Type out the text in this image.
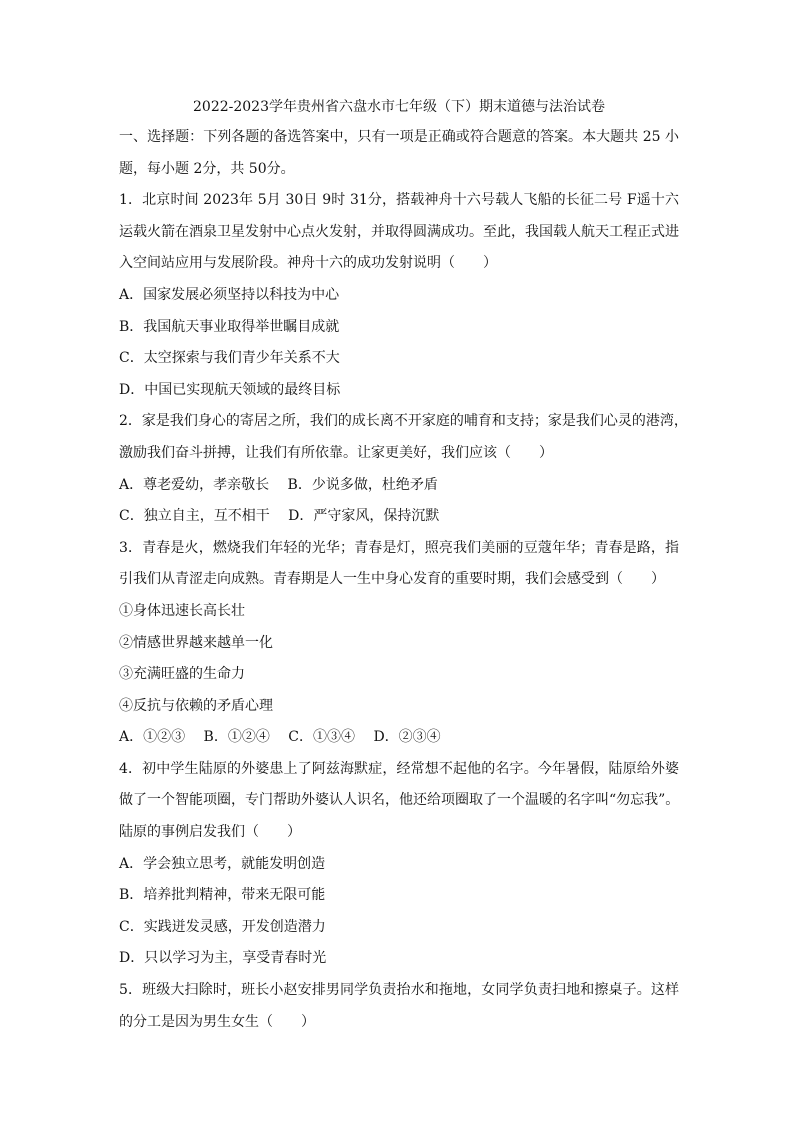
2022-2023学年贵州省六盘水市七年级（下）期末道德与法治试卷
一、选择题：下列各题的备选答案中，只有一项是正确或符合题意的答案。本大题共 25 小
题，每小题 2分，共 50分。
1．北京时间 2023年 5月 30日 9时 31分，搭载神舟十六号载人飞船的长征二号 F遥十六
运载火箭在酒泉卫星发射中心点火发射，并取得圆满成功。至此，我国载人航天工程正式进
入空间站应用与发展阶段。神舟十六的成功发射说明（　　）
A．国家发展必须坚持以科技为中心
B．我国航天事业取得举世瞩目成就
C．太空探索与我们青少年关系不大
D．中国已实现航天领域的最终目标
2．家是我们身心的寄居之所，我们的成长离不开家庭的哺育和支持；家是我们心灵的港湾，
激励我们奋斗拼搏，让我们有所依靠。让家更美好，我们应该（　　）
A．尊老爱幼，孝亲敬长　 B．少说多做，杜绝矛盾
C．独立自主，互不相干　 D．严守家风，保持沉默
3．青春是火，燃烧我们年轻的光华；青春是灯，照亮我们美丽的豆蔻年华；青春是路，指
引我们从青涩走向成熟。青春期是人一生中身心发育的重要时期，我们会感受到（　　）
①身体迅速长高长壮
②情感世界越来越单一化
③充满旺盛的生命力
④反抗与依赖的矛盾心理
A．①②③　 B．①②④　 C．①③④　 D．②③④
4．初中学生陆原的外婆患上了阿兹海默症，经常想不起他的名字。今年暑假，陆原给外婆
做了一个智能项圈，专门帮助外婆认人识名，他还给项圈取了一个温暖的名字叫“勿忘我”。
陆原的事例启发我们（　　）
A．学会独立思考，就能发明创造
B．培养批判精神，带来无限可能
C．实践迸发灵感，开发创造潜力
D．只以学习为主，享受青春时光
5．班级大扫除时，班长小赵安排男同学负责抬水和拖地，女同学负责扫地和擦桌子。这样
的分工是因为男生女生（　　）
